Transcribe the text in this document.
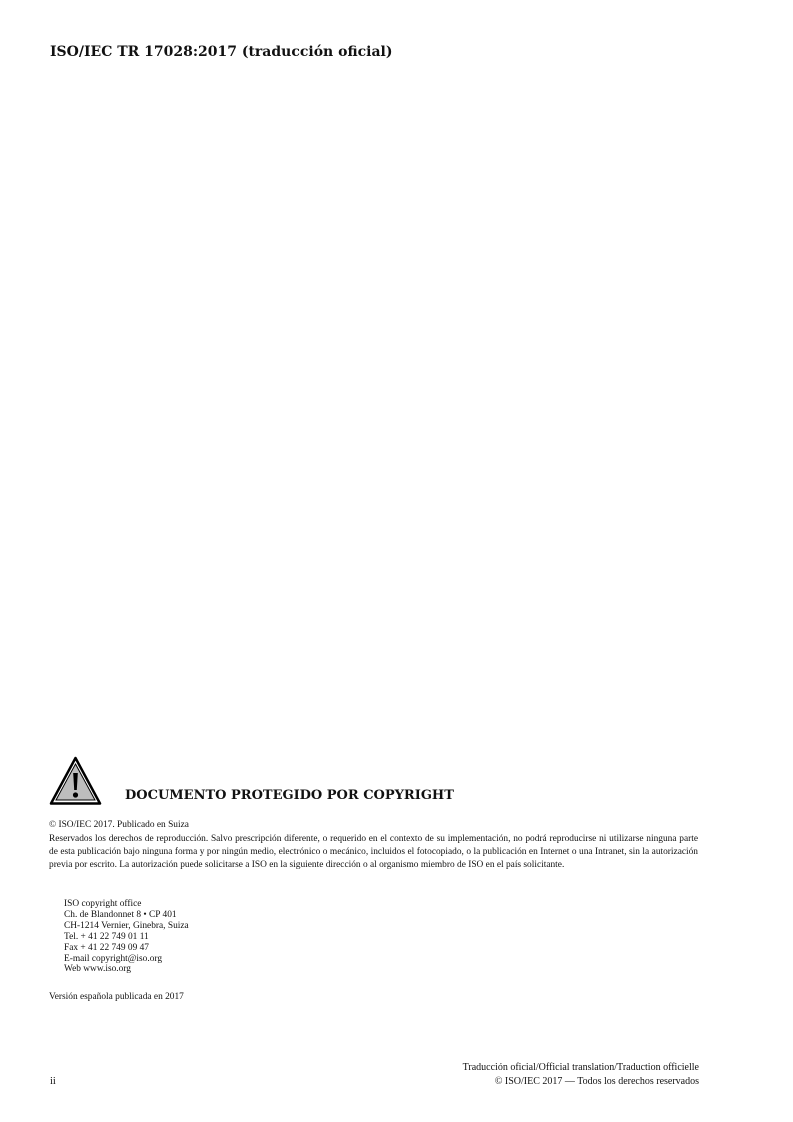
ISO/IEC TR 17028:2017 (traducción oficial)
DOCUMENTO PROTEGIDO POR COPYRIGHT
© ISO/IEC 2017. Publicado en Suiza

Reservados los derechos de reproducción. Salvo prescripción diferente, o requerido en el contexto de su implementación, no podrá reproducirse ni utilizarse ninguna parte de esta publicación bajo ninguna forma y por ningún medio, electrónico o mecánico, incluidos el fotocopiado, o la publicación en Internet o una Intranet, sin la autorización previa por escrito. La autorización puede solicitarse a ISO en la siguiente dirección o al organismo miembro de ISO en el país solicitante.

ISO copyright office
Ch. de Blandonnet 8 • CP 401
CH-1214 Vernier, Ginebra, Suiza
Tel. + 41 22 749 01 11
Fax + 41 22 749 09 47
E-mail copyright@iso.org
Web www.iso.org
Versión española publicada en 2017
ii
Traducción oficial/Official translation/Traduction officielle
© ISO/IEC 2017 — Todos los derechos reservados
